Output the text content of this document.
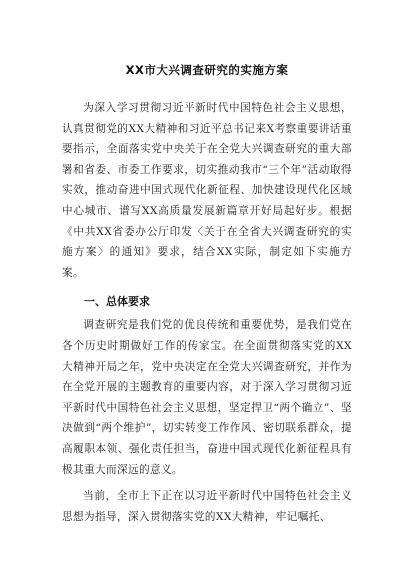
XX市大兴调查研究的实施方案

为深入学习贯彻习近平新时代中国特色社会主义思想，认真贯彻党的XX大精神和习近平总书记来X考察重要讲话重要指示，全面落实党中央关于在全党大兴调查研究的重大部署和省委、市委工作要求，切实推动我市“三个年”活动取得实效，推动奋进中国式现代化新征程、加快建设现代化区域中心城市、谱写XX高质量发展新篇章开好局起好步。根据《中共XX省委办公厅印发〈关于在全省大兴调查研究的实施方案〉的通知》要求，结合XX实际，制定如下实施方案。

一、总体要求

调查研究是我们党的优良传统和重要优势，是我们党在各个历史时期做好工作的传家宝。在全面贯彻落实党的XX大精神开局之年，党中央决定在全党大兴调查研究，并作为在全党开展的主题教育的重要内容，对于深入学习贯彻习近平新时代中国特色社会主义思想，坚定捍卫“两个确立”、坚决做到“两个维护”，切实转变工作作风、密切联系群众，提高履职本领、强化责任担当，奋进中国式现代化新征程具有极其重大而深远的意义。

当前，全市上下正在以习近平新时代中国特色社会主义思想为指导，深入贯彻落实党的XX大精神，牢记嘱托、
